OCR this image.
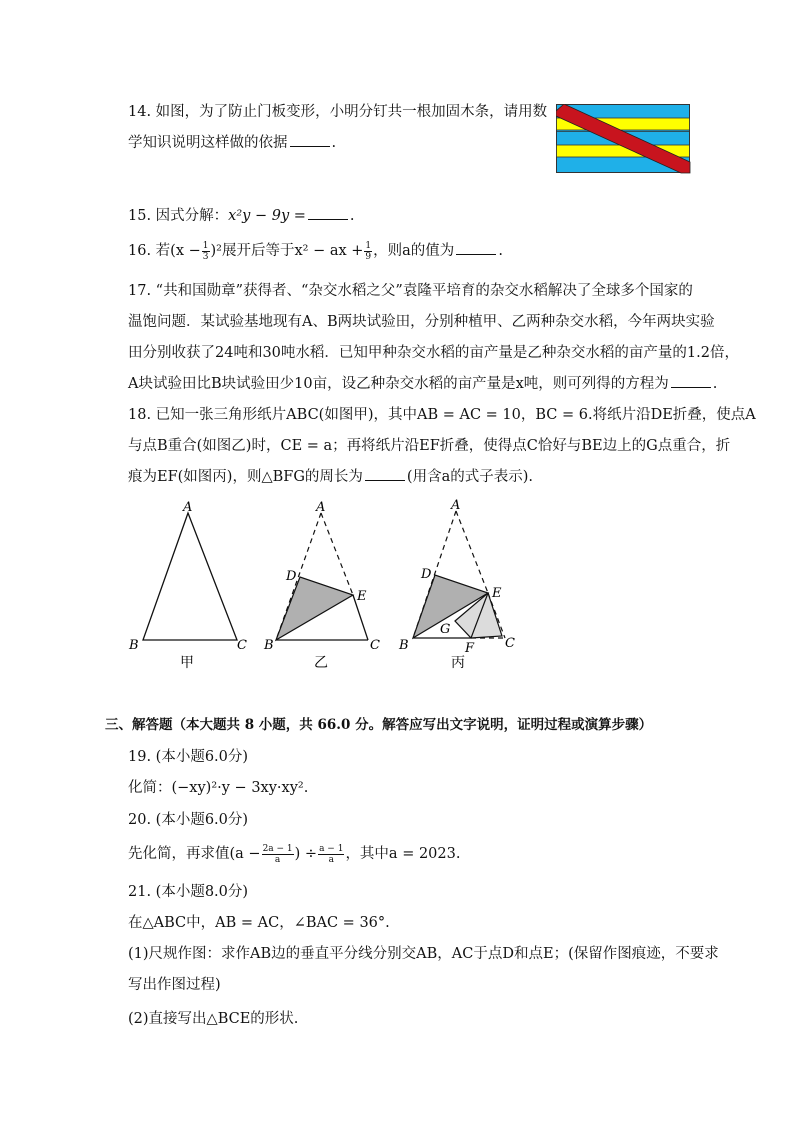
14. 如图，为了防止门板变形，小明分钉共一根加固木条，请用数
学知识说明这样做的依据	.
15. 因式分解：x²y − 9y =	.
16. 若$(x - \frac{1}{3} )^2$展开后等于x² − ax + $\frac{1}{9}$ ，则a的值为	.
17. “共和国勋章”获得者、“杂交水稻之父”袁隆平培育的杂交水稻解决了全球多个国家的
温饱问题．某试验基地现有A、B两块试验田，分别种植甲、乙两种杂交水稻，今年两块实验
田分别收获了24吨和30吨水稻．已知甲种杂交水稻的亩产量是乙种杂交水稻的亩产量的1.2倍，
A块试验田比B块试验田少10亩，设乙种杂交水稻的亩产量是x吨，则可列得的方程为	.
18. 已知一张三角形纸片ABC(如图甲)，其中AB = AC = 10，BC = 6.将纸片沿DE折叠，使点A
与点B重合(如图乙)时，CE = a；再将纸片沿EF折叠，使得点C恰好与BE边上的G点重合，折
痕为EF(如图丙)，则△BFG的周长为	(用含a的式子表示).
A
B	C
甲
A
D
E
B	C
乙
A
D
E
G
B	F C
丙
三、解答题（本大题共 8 小题，共 66.0 分。解答应写出文字说明，证明过程或演算步骤）
19. (本小题6.0分)
化简：(−xy)²·y − 3xy·xy².
20. (本小题6.0分)
先化简，再求值($a - \frac{2a - 1}{a}$ ) ÷ $\frac{a - 1}{a}$ ，其中a = 2023.
21. (本小题8.0分)
在△ABC中，AB = AC，∠BAC = 36°.
(1)尺规作图：求作AB边的垂直平分线分别交AB，AC于点D和点E；(保留作图痕迹，不要求
写出作图过程)
(2)直接写出△BCE的形状.
